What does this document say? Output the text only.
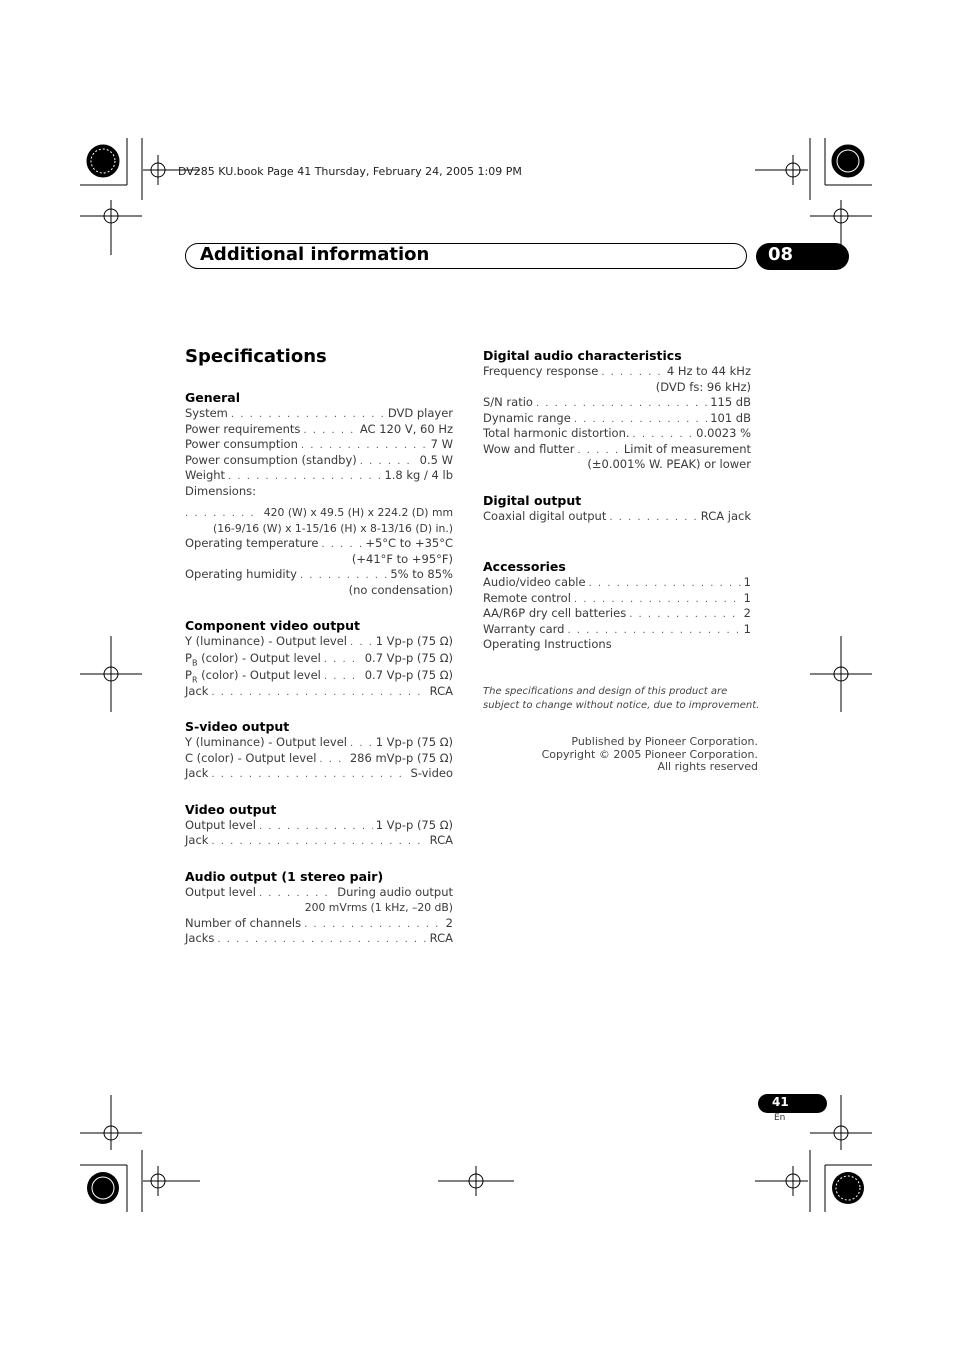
DV285 KU.book Page 41 Thursday, February 24, 2005 1:09 PM
Additional information	08
Specifications
General
System . . .	DVD player
Power requirements . . .	AC 120 V, 60 Hz
Power consumption . . .	7 W
Power consumption (standby) . . .	0.5 W
Weight . . .	1.8 kg / 4 lb
Dimensions:
. . .
420 (W) x 49.5 (H) x 224.2 (D) mm
(16-9/16 (W) x 1-15/16 (H) x 8-13/16 (D) in.)
Operating temperature . . .	+5°C to +35°C
(+41°F to +95°F)
Operating humidity . . .	5% to 85%
(no condensation)
Component video output
Y (luminance) - Output level . . . 1 Vp-p (75 Ω)
$P_B$ (color) - Output level . . .	0.7 Vp-p (75 Ω)
$P_R$ (color) - Output level . . .	0.7 Vp-p (75 Ω)
Jack . . .	RCA
S-video output
Y (luminance) - Output level . . . 1 Vp-p (75 Ω)
C (color) - Output level . . .	286 mVp-p (75 Ω)
Jack . . .	S-video
Video output
Output level . . .	1 Vp-p (75 Ω)
Jack . . .	RCA
Audio output (1 stereo pair)
Output level . . .	During audio output
200 mVrms (1 kHz, –20 dB)
Number of channels . . .	2
Jacks . . .	RCA
Digital audio characteristics
Frequency response . . .	4 Hz to 44 kHz
(DVD fs: 96 kHz)
S/N ratio . . .	115 dB
Dynamic range . . .	101 dB
Total harmonic distortion. . . .	0.0023 %
Wow and flutter . . .	Limit of measurement
(±0.001% W. PEAK) or lower
Digital output
Coaxial digital output . . .	RCA jack
Accessories
Audio/video cable . . .	1
Remote control . . .	1
AA/R6P dry cell batteries . . .	2
Warranty card . . .	1
Operating Instructions
The specifications and design of this product are subject to change without notice, due to improvement.
Published by Pioneer Corporation.
Copyright © 2005 Pioneer Corporation.
All rights reserved
41
En
